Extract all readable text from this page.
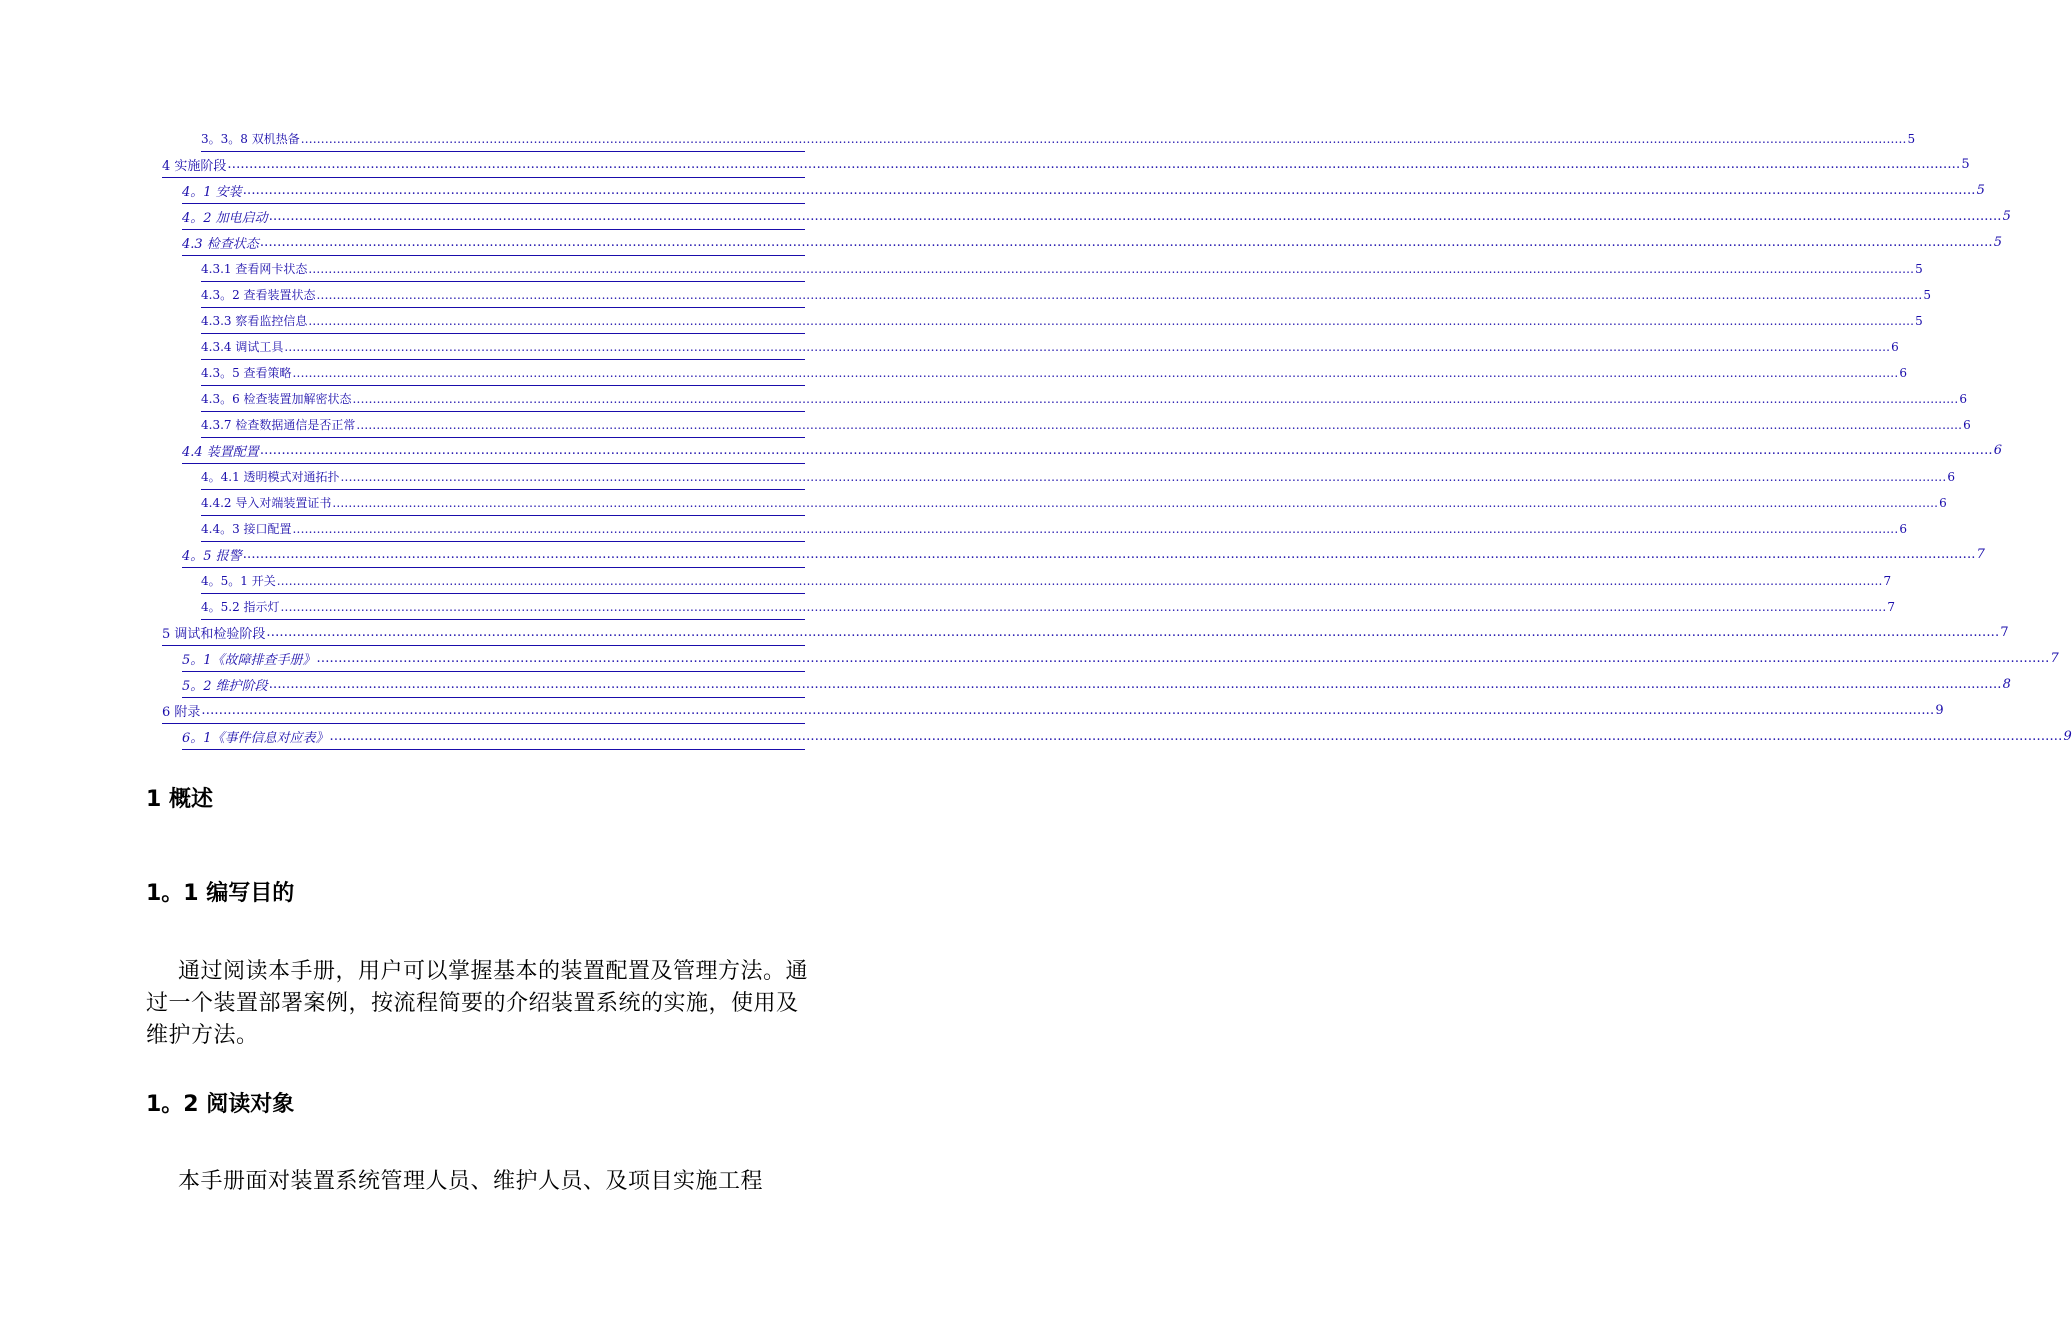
3。3。8 双机热备 ................................................................................................................................................................................................................................................................................................................................................................................................................ 5
4 实施阶段 ................................................................................................................................................................................................................................................................................................................................................................................................................ 5
4。1 安装 ................................................................................................................................................................................................................................................................................................................................................................................................................ 5
4。2 加电启动 ................................................................................................................................................................................................................................................................................................................................................................................................................ 5
4.3 检查状态 ................................................................................................................................................................................................................................................................................................................................................................................................................ 5
4.3.1 查看网卡状态 ................................................................................................................................................................................................................................................................................................................................................................................................................ 5
4.3。2 查看装置状态 ................................................................................................................................................................................................................................................................................................................................................................................................................ 5
4.3.3 察看监控信息 ................................................................................................................................................................................................................................................................................................................................................................................................................ 5
4.3.4 调试工具 ................................................................................................................................................................................................................................................................................................................................................................................................................ 6
4.3。5 查看策略 ................................................................................................................................................................................................................................................................................................................................................................................................................ 6
4.3。6 检查装置加解密状态 ................................................................................................................................................................................................................................................................................................................................................................................................................ 6
4.3.7 检查数据通信是否正常 ................................................................................................................................................................................................................................................................................................................................................................................................................ 6
4.4 装置配置 ................................................................................................................................................................................................................................................................................................................................................................................................................ 6
4。4.1 透明模式对通拓扑 ................................................................................................................................................................................................................................................................................................................................................................................................................ 6
4.4.2 导入对端装置证书 ................................................................................................................................................................................................................................................................................................................................................................................................................ 6
4.4。3 接口配置 ................................................................................................................................................................................................................................................................................................................................................................................................................ 6
4。5 报警 ................................................................................................................................................................................................................................................................................................................................................................................................................ 7
4。5。1 开关 ................................................................................................................................................................................................................................................................................................................................................................................................................ 7
4。5.2 指示灯 ................................................................................................................................................................................................................................................................................................................................................................................................................ 7
5 调试和检验阶段 ................................................................................................................................................................................................................................................................................................................................................................................................................ 7
5。1《故障排查手册》 ................................................................................................................................................................................................................................................................................................................................................................................................................ 7
5。2 维护阶段 ................................................................................................................................................................................................................................................................................................................................................................................................................ 8
6 附录 ................................................................................................................................................................................................................................................................................................................................................................................................................ 9
6。1《事件信息对应表》 ................................................................................................................................................................................................................................................................................................................................................................................................................ 9
1 概述
1。1 编写目的

通过阅读本手册，用户可以掌握基本的装置配置及管理方法。通过一个装置部署案例，按流程简要的介绍装置系统的实施，使用及维护方法。

1。2 阅读对象

本手册面对装置系统管理人员、维护人员、及项目实施工程
